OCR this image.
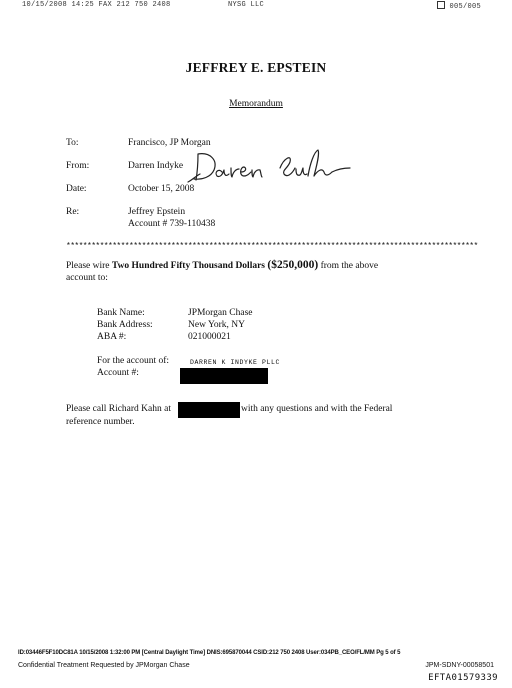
10/15/2008 14:25 FAX 212 750 2408	NYSG LLC	005/005
JEFFREY E. EPSTEIN
Memorandum
To:	Francisco, JP Morgan
From:	Darren Indyke
Date:	October 15, 2008
Re:	Jeffrey Epstein
Account # 739-110438
**************************************************************************************************
Please wire Two Hundred Fifty Thousand Dollars ($250,000) from the above
account to:
Bank Name:	JPMorgan Chase
Bank Address:	New York, NY
ABA #:	021000021
For the account of:	DARREN K INDYKE PLLC
Account #:
Please call Richard Kahn at	with any questions and with the Federal
reference number.
ID:03446F5F10DC81A 10/15/2008 1:32:00 PM [Central Daylight Time] DNIS:695870044 CSID:212 750 2408 User:034PB_CEO/FL/MM Pg 5 of 5
Confidential Treatment Requested by JPMorgan Chase	JPM-SDNY-00058501
EFTA01579339
